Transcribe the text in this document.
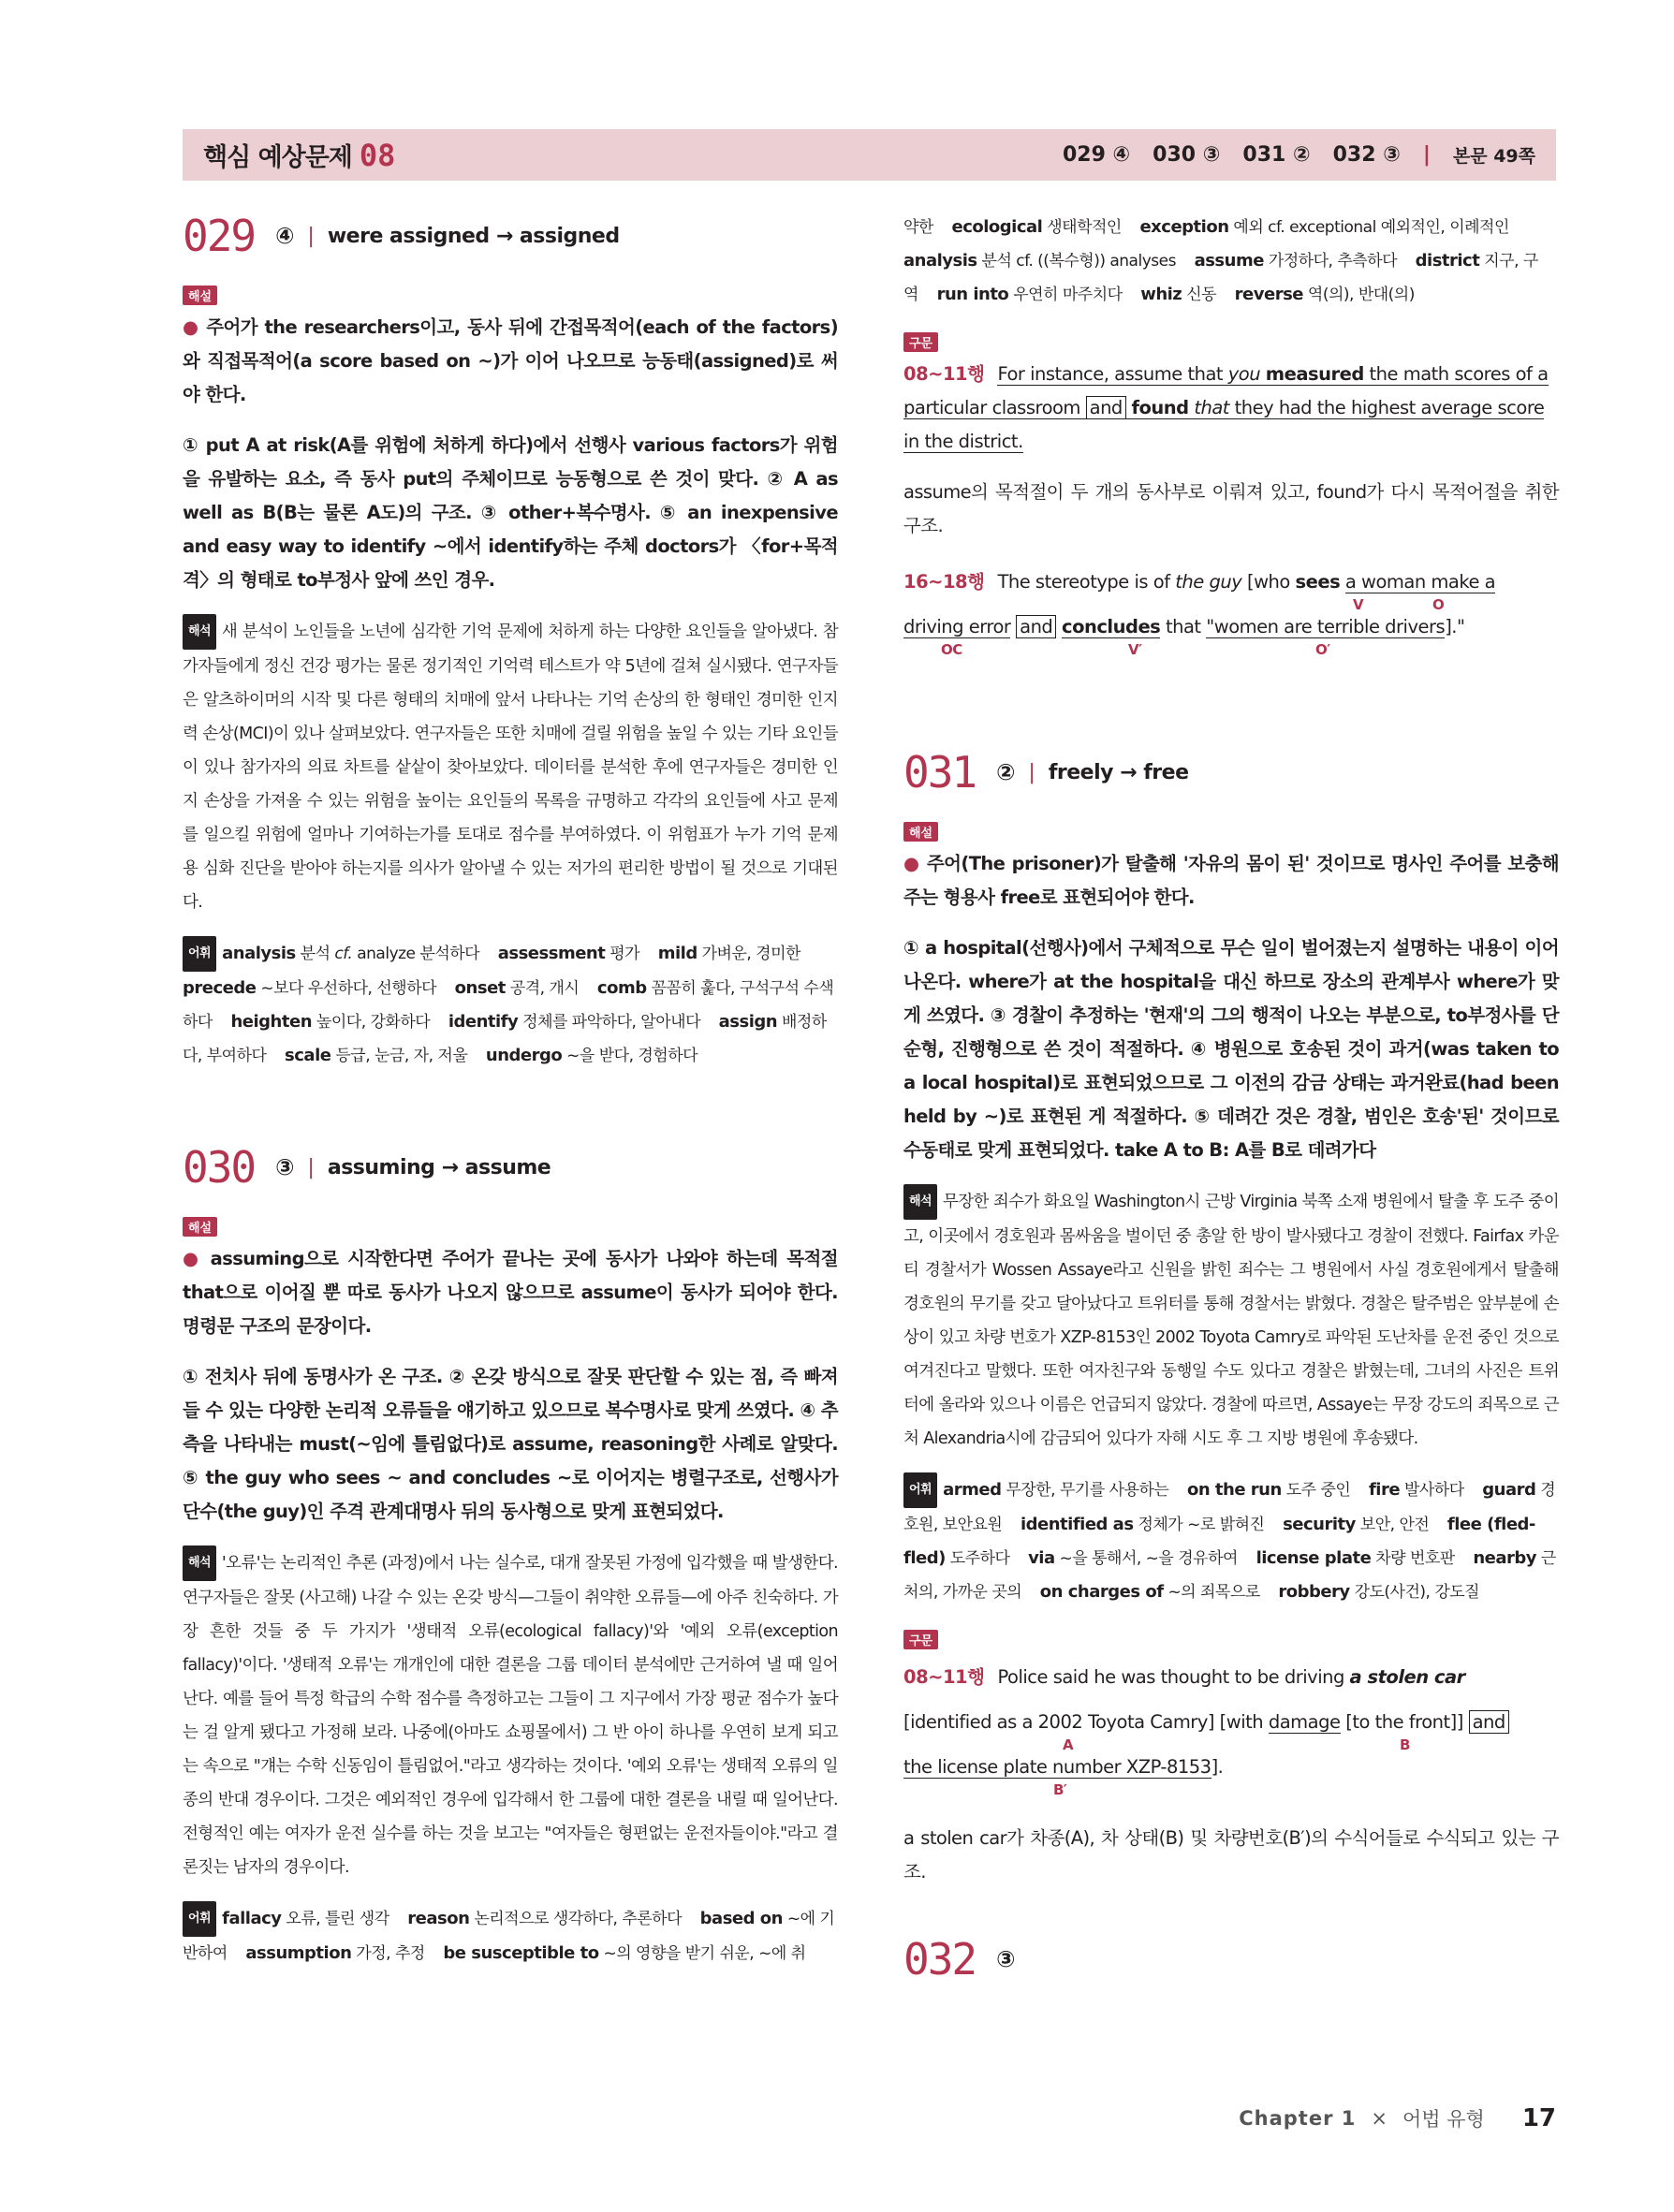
핵심 예상문제 08	029 ④ 030 ③ 031 ② 032 ③ | 본문 49쪽
029 ④ | were assigned → assigned
해설

● 주어가 the researchers이고, 동사 뒤에 간접목적어(each of the factors)와 직접목적어(a score based on ~)가 이어 나오므로 능동태(assigned)로 써야 한다.

① put A at risk(A를 위험에 처하게 하다)에서 선행사 various factors가 위험을 유발하는 요소, 즉 동사 put의 주체이므로 능동형으로 쓴 것이 맞다. ② A as well as B(B는 물론 A도)의 구조. ③ other+복수명사. ⑤ an inexpensive and easy way to identify ~에서 identify하는 주체 doctors가 〈for+목적격〉의 형태로 to부정사 앞에 쓰인 경우.

해석 새 분석이 노인들을 노년에 심각한 기억 문제에 처하게 하는 다양한 요인들을 알아냈다. 참가자들에게 정신 건강 평가는 물론 정기적인 기억력 테스트가 약 5년에 걸쳐 실시됐다. 연구자들은 알츠하이머의 시작 및 다른 형태의 치매에 앞서 나타나는 기억 손상의 한 형태인 경미한 인지력 손상(MCI)이 있나 살펴보았다. 연구자들은 또한 치매에 걸릴 위험을 높일 수 있는 기타 요인들이 있나 참가자의 의료 차트를 샅샅이 찾아보았다. 데이터를 분석한 후에 연구자들은 경미한 인지 손상을 가져올 수 있는 위험을 높이는 요인들의 목록을 규명하고 각각의 요인들에 사고 문제를 일으킬 위험에 얼마나 기여하는가를 토대로 점수를 부여하였다. 이 위험표가 누가 기억 문제용 심화 진단을 받아야 하는지를 의사가 알아낼 수 있는 저가의 편리한 방법이 될 것으로 기대된다.

어휘 analysis 분석 cf. analyze 분석하다 assessment 평가 mild 가벼운, 경미한    precede ~보다 우선하다, 선행하다 onset 공격, 개시 comb 꼼꼼히 훑다, 구석구석 수색하다 heighten 높이다, 강화하다 identify 정체를 파악하다, 알아내다 assign 배정하다, 부여하다 scale 등급, 눈금, 자, 저울 undergo ~을 받다, 경험하다
030 ③ | assuming → assume
해설

● assuming으로 시작한다면 주어가 끝나는 곳에 동사가 나와야 하는데 목적절 that으로 이어질 뿐 따로 동사가 나오지 않으므로 assume이 동사가 되어야 한다. 명령문 구조의 문장이다.

① 전치사 뒤에 동명사가 온 구조. ② 온갖 방식으로 잘못 판단할 수 있는 점, 즉 빠져들 수 있는 다양한 논리적 오류들을 얘기하고 있으므로 복수명사로 맞게 쓰였다. ④ 추측을 나타내는 must(~임에 틀림없다)로 assume, reasoning한 사례로 알맞다. ⑤ the guy who sees ~ and concludes ~로 이어지는 병렬구조로, 선행사가 단수(the guy)인 주격 관계대명사 뒤의 동사형으로 맞게 표현되었다.

해석 '오류'는 논리적인 추론 (과정)에서 나는 실수로, 대개 잘못된 가정에 입각했을 때 발생한다. 연구자들은 잘못 (사고해) 나갈 수 있는 온갖 방식—그들이 취약한 오류들—에 아주 친숙하다. 가장 흔한 것들 중 두 가지가 '생태적 오류(ecological fallacy)'와 '예외 오류(exception fallacy)'이다. '생태적 오류'는 개개인에 대한 결론을 그룹 데이터 분석에만 근거하여 낼 때 일어난다. 예를 들어 특정 학급의 수학 점수를 측정하고는 그들이 그 지구에서 가장 평균 점수가 높다는 걸 알게 됐다고 가정해 보라. 나중에(아마도 쇼핑몰에서) 그 반 아이 하나를 우연히 보게 되고는 속으로 "걔는 수학 신동임이 틀림없어."라고 생각하는 것이다. '예외 오류'는 생태적 오류의 일종의 반대 경우이다. 그것은 예외적인 경우에 입각해서 한 그룹에 대한 결론을 내릴 때 일어난다. 전형적인 예는 여자가 운전 실수를 하는 것을 보고는 "여자들은 형편없는 운전자들이야."라고 결론짓는 남자의 경우이다.

어휘 fallacy 오류, 틀린 생각 reason 논리적으로 생각하다, 추론하다 based on ~에 기반하여 assumption 가정, 추정 be susceptible to ~의 영향을 받기 쉬운, ~에 취
약한 ecological 생태학적인 exception 예외 cf. exceptional 예외적인, 이례적인    analysis 분석 cf. ((복수형)) analyses assume 가정하다, 추측하다 district 지구, 구역 run into 우연히 마주치다 whiz 신동 reverse 역(의), 반대(의)
구문
08~11행 For instance, assume that you measured the math scores of a particular classroom and found that they had the highest average score in the district.

assume의 목적절이 두 개의 동사부로 이뤄져 있고, found가 다시 목적어절을 취한 구조.

16~18행 The stereotype is of the guy [who sees a woman make a
V	O
driving error and concludes that "women are terrible drivers]."
OC	V′	O′
031 ② | freely → free
해설

● 주어(The prisoner)가 탈출해 '자유의 몸이 된' 것이므로 명사인 주어를 보충해 주는 형용사 free로 표현되어야 한다.

① a hospital(선행사)에서 구체적으로 무슨 일이 벌어졌는지 설명하는 내용이 이어 나온다. where가 at the hospital을 대신 하므로 장소의 관계부사 where가 맞게 쓰였다. ③ 경찰이 추정하는 '현재'의 그의 행적이 나오는 부분으로, to부정사를 단순형, 진행형으로 쓴 것이 적절하다. ④ 병원으로 호송된 것이 과거(was taken to a local hospital)로 표현되었으므로 그 이전의 감금 상태는 과거완료(had been held by ~)로 표현된 게 적절하다. ⑤ 데려간 것은 경찰, 범인은 호송'된' 것이므로 수동태로 맞게 표현되었다. take A to B: A를 B로 데려가다

해석 무장한 죄수가 화요일 Washington시 근방 Virginia 북쪽 소재 병원에서 탈출 후 도주 중이고, 이곳에서 경호원과 몸싸움을 벌이던 중 총알 한 방이 발사됐다고 경찰이 전했다. Fairfax 카운티 경찰서가 Wossen Assaye라고 신원을 밝힌 죄수는 그 병원에서 사실 경호원에게서 탈출해 경호원의 무기를 갖고 달아났다고 트위터를 통해 경찰서는 밝혔다. 경찰은 탈주범은 앞부분에 손상이 있고 차량 번호가 XZP-8153인 2002 Toyota Camry로 파악된 도난차를 운전 중인 것으로 여겨진다고 말했다. 또한 여자친구와 동행일 수도 있다고 경찰은 밝혔는데, 그녀의 사진은 트위터에 올라와 있으나 이름은 언급되지 않았다. 경찰에 따르면, Assaye는 무장 강도의 죄목으로 근처 Alexandria시에 감금되어 있다가 자해 시도 후 그 지방 병원에 후송됐다.

어휘 armed 무장한, 무기를 사용하는 on the run 도주 중인 fire 발사하다 guard 경호원, 보안요원 identified as 정체가 ~로 밝혀진 security 보안, 안전 flee (fled-fled) 도주하다 via ~을 통해서, ~을 경유하여 license plate 차량 번호판 nearby 근처의, 가까운 곳의 on charges of ~의 죄목으로 robbery 강도(사건), 강도질
구문
08~11행 Police said he was thought to be driving a stolen car
[identified as a 2002 Toyota Camry] [with damage [to the front]] and
A	B
the license plate number XZP-8153].
B′

a stolen car가 차종(A), 차 상태(B) 및 차량번호(B′)의 수식어들로 수식되고 있는 구조.

032 ③
Chapter 1 × 어법 유형 17
